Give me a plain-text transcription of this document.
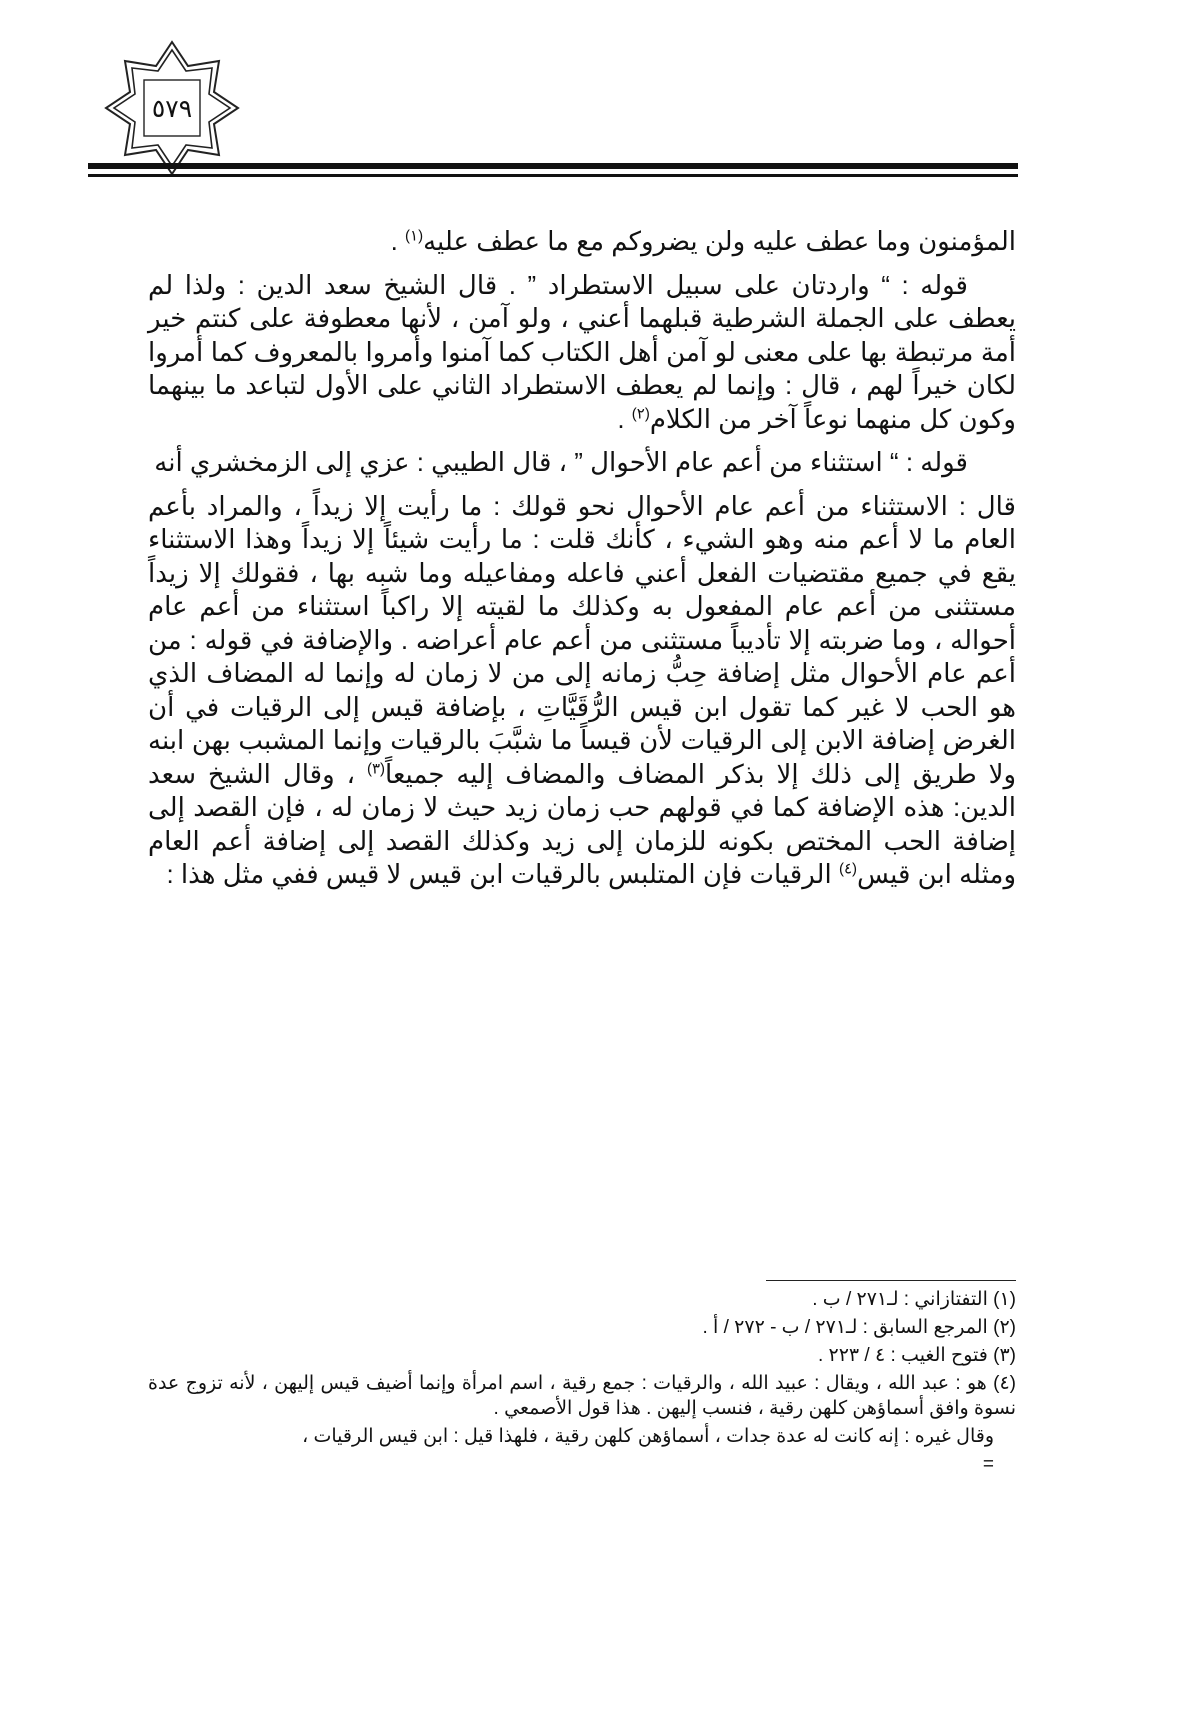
٥٧٩

المؤمنون وما عطف عليه ولن يضروكم مع ما عطف عليه$^{(١)}$ .

قوله : “ واردتان على سبيل الاستطراد ” . قال الشيخ سعد الدين : ولذا لم يعطف على الجملة الشرطية قبلهما أعني ، ولو آمن ، لأنها معطوفة على كنتم خير أمة مرتبطة بها على معنى لو آمن أهل الكتاب كما آمنوا وأمروا بالمعروف كما أمروا لكان خيراً لهم ، قال : وإنما لم يعطف الاستطراد الثاني على الأول لتباعد ما بينهما وكون كل منهما نوعاً آخر من الكلام$^{(٢)}$ .

قوله : “ استثناء من أعم عام الأحوال ” ، قال الطيبي : عزي إلى الزمخشري أنه

قال : الاستثناء من أعم عام الأحوال نحو قولك : ما رأيت إلا زيداً ، والمراد بأعم العام ما لا أعم منه وهو الشيء ، كأنك قلت : ما رأيت شيئاً إلا زيداً وهذا الاستثناء يقع في جميع مقتضيات الفعل أعني فاعله ومفاعيله وما شبه بها ، فقولك إلا زيداً مستثنى من أعم عام المفعول به وكذلك ما لقيته إلا راكباً استثناء من أعم عام أحواله ، وما ضربته إلا تأديباً مستثنى من أعم عام أعراضه . والإضافة في قوله : من أعم عام الأحوال مثل إضافة حِبُّ زمانه إلى من لا زمان له وإنما له المضاف الذي هو الحب لا غير كما تقول ابن قيس الرُّقَيَّاتِ ، بإضافة قيس إلى الرقيات في أن الغرض إضافة الابن إلى الرقيات لأن قيساً ما شبَّبَ بالرقيات وإنما المشبب بهن ابنه ولا طريق إلى ذلك إلا بذكر المضاف والمضاف إليه جميعاً$^{(٣)}$ ، وقال الشيخ سعد الدين: هذه الإضافة كما في قولهم حب زمان زيد حيث لا زمان له ، فإن القصد إلى إضافة الحب المختص بكونه للزمان إلى زيد وكذلك القصد إلى إضافة أعم العام ومثله ابن قيس$^{(٤)}$ الرقيات فإن المتلبس بالرقيات ابن قيس لا قيس ففي مثل هذا :

(١) التفتازاني : لـ٢٧١ / ب .

(٢) المرجع السابق : لـ٢٧١ / ب - ٢٧٢ / أ .

(٣) فتوح الغيب : ٤ / ٢٢٣ .

(٤) هو : عبد الله ، ويقال : عبيد الله ، والرقيات : جمع رقية ، اسم امرأة وإنما أضيف قيس إليهن ، لأنه تزوج عدة نسوة وافق أسماؤهن كلهن رقية ، فنسب إليهن . هذا قول الأصمعي .

وقال غيره : إنه كانت له عدة جدات ، أسماؤهن كلهن رقية ، فلهذا قيل : ابن قيس الرقيات ،

=
